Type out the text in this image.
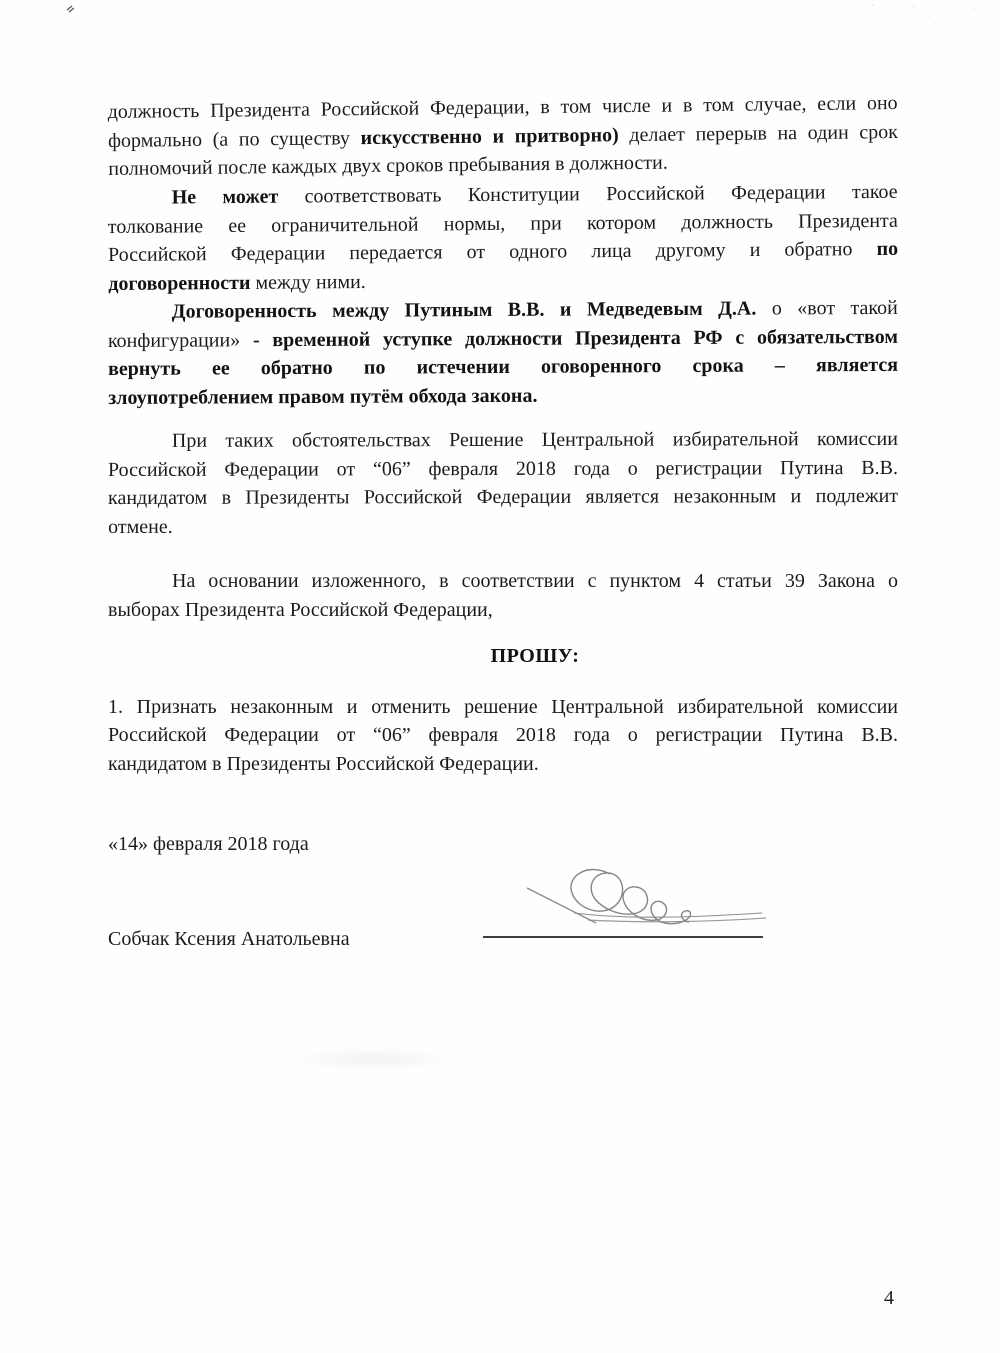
должность Президента Российской Федерации, в том числе и в том случае, если оно
формально (а по существу искусственно и притворно) делает перерыв на один срок
полномочий после каждых двух сроков пребывания в должности.
Не может соответствовать Конституции Российской Федерации такое
толкование ее ограничительной нормы, при котором должность Президента
Российской Федерации передается от одного лица другому и обратно по
договоренности между ними.
Договоренность между Путиным В.В. и Медведевым Д.А. о «вот такой
конфигурации» - временной уступке должности Президента РФ с обязательством
вернуть ее обратно по истечении оговоренного срока – является
злоупотреблением правом путём обхода закона.
При таких обстоятельствах Решение Центральной избирательной комиссии
Российской Федерации от “06” февраля 2018 года о регистрации Путина В.В.
кандидатом в Президенты Российской Федерации является незаконным и подлежит
отмене.
На основании изложенного, в соответствии с пунктом 4 статьи 39 Закона о
выборах Президента Российской Федерации,
ПРОШУ:
1. Признать незаконным и отменить решение Центральной избирательной комиссии
Российской Федерации от “06” февраля 2018 года о регистрации Путина В.В.
кандидатом в Президенты Российской Федерации.
«14» февраля 2018 года
Собчак Ксения Анатольевна
4
